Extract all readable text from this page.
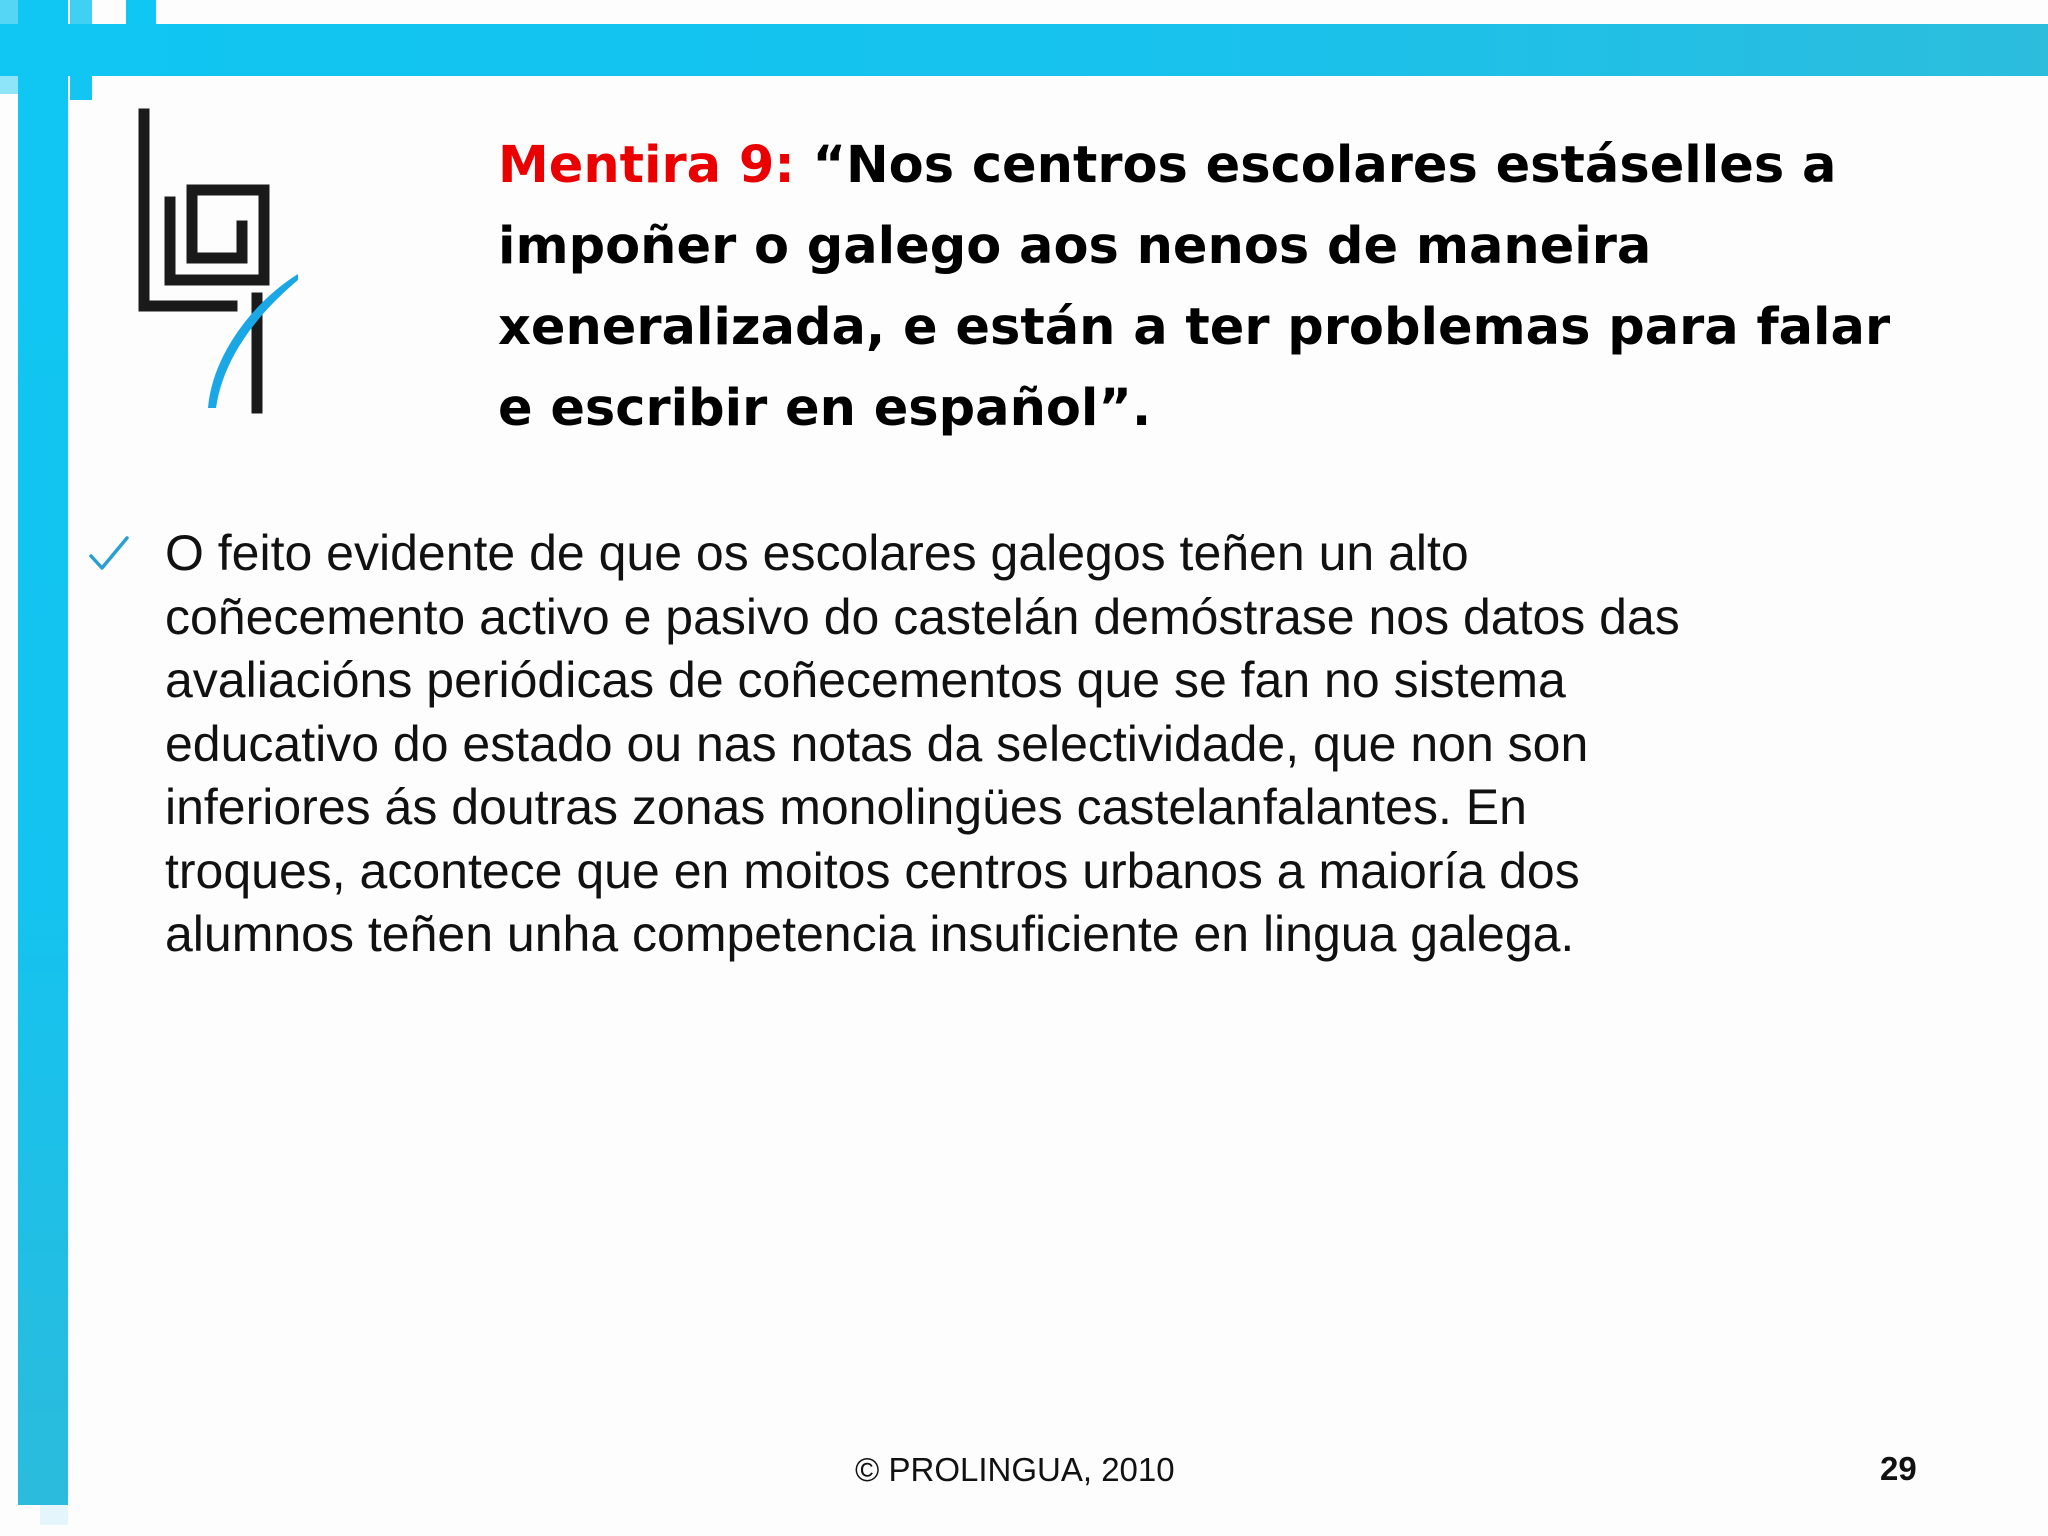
Mentira 9: “Nos centros escolares estáselles a impoñer o galego aos nenos de maneira xeneralizada, e están a ter problemas para falar e escribir en español”.

O feito evidente de que os escolares galegos teñen un alto
coñecemento activo e pasivo do castelán demóstrase nos datos das
avaliacións periódicas de coñecementos que se fan no sistema
educativo do estado ou nas notas da selectividade, que non son
inferiores ás doutras zonas monolingües castelanfalantes. En
troques, acontece que en moitos centros urbanos a maioría dos
alumnos teñen unha competencia insuficiente en lingua galega.

© PROLINGUA, 2010	29
